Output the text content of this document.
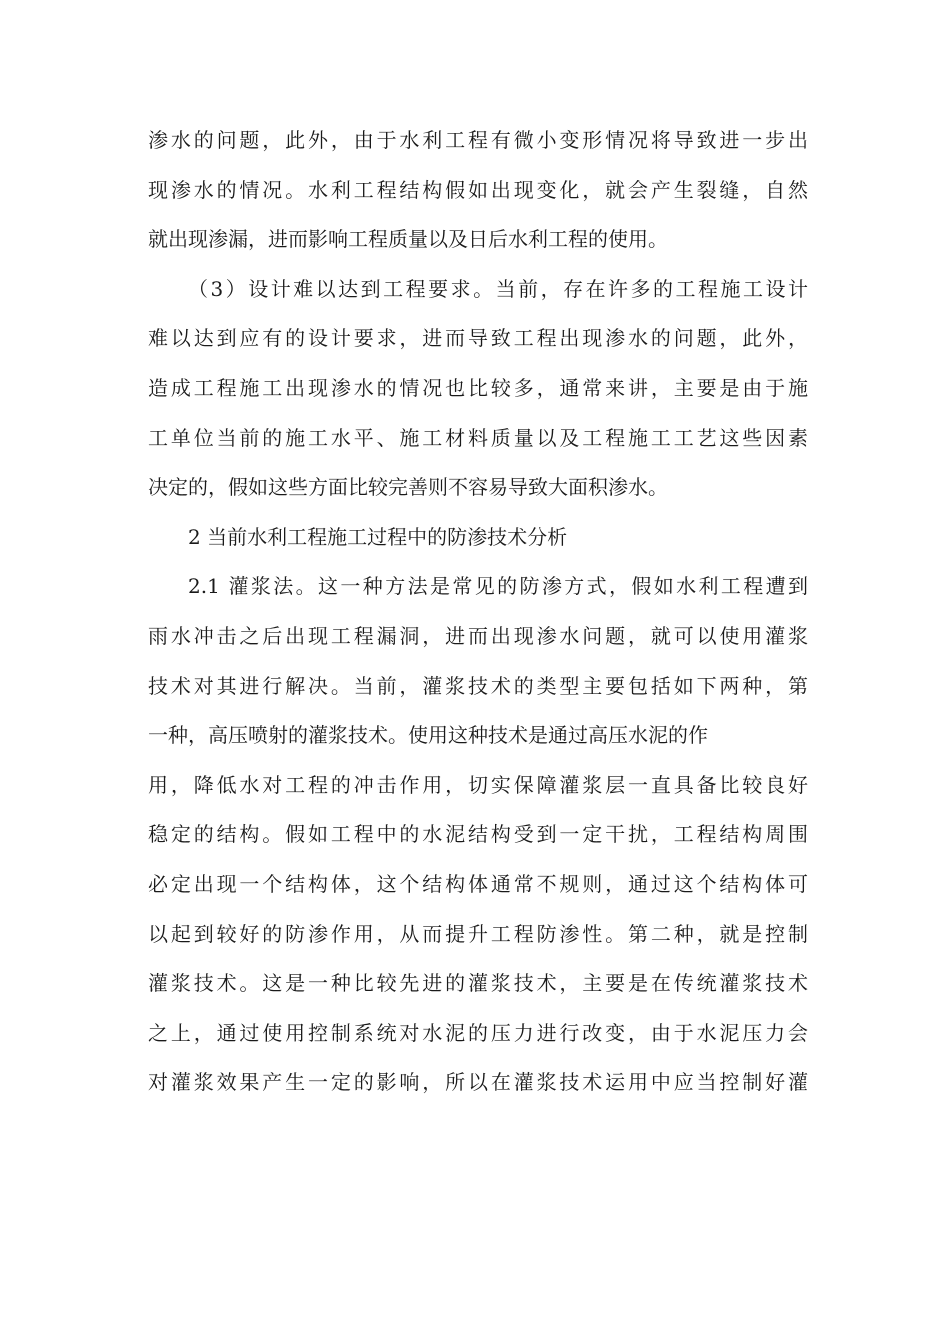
渗水的问题，此外，由于水利工程有微小变形情况将导致进一步出
现渗水的情况。水利工程结构假如出现变化，就会产生裂缝，自然
就出现渗漏，进而影响工程质量以及日后水利工程的使用。
（3）设计难以达到工程要求。当前，存在许多的工程施工设计
难以达到应有的设计要求，进而导致工程出现渗水的问题，此外，
造成工程施工出现渗水的情况也比较多，通常来讲，主要是由于施
工单位当前的施工水平、施工材料质量以及工程施工工艺这些因素
决定的，假如这些方面比较完善则不容易导致大面积渗水。
2 当前水利工程施工过程中的防渗技术分析
2.1 灌浆法。这一种方法是常见的防渗方式，假如水利工程遭到
雨水冲击之后出现工程漏洞，进而出现渗水问题，就可以使用灌浆
技术对其进行解决。当前，灌浆技术的类型主要包括如下两种，第
一种，高压喷射的灌浆技术。使用这种技术是通过高压水泥的作
用，降低水对工程的冲击作用，切实保障灌浆层一直具备比较良好
稳定的结构。假如工程中的水泥结构受到一定干扰，工程结构周围
必定出现一个结构体，这个结构体通常不规则，通过这个结构体可
以起到较好的防渗作用，从而提升工程防渗性。第二种，就是控制
灌浆技术。这是一种比较先进的灌浆技术，主要是在传统灌浆技术
之上，通过使用控制系统对水泥的压力进行改变，由于水泥压力会
对灌浆效果产生一定的影响，所以在灌浆技术运用中应当控制好灌
